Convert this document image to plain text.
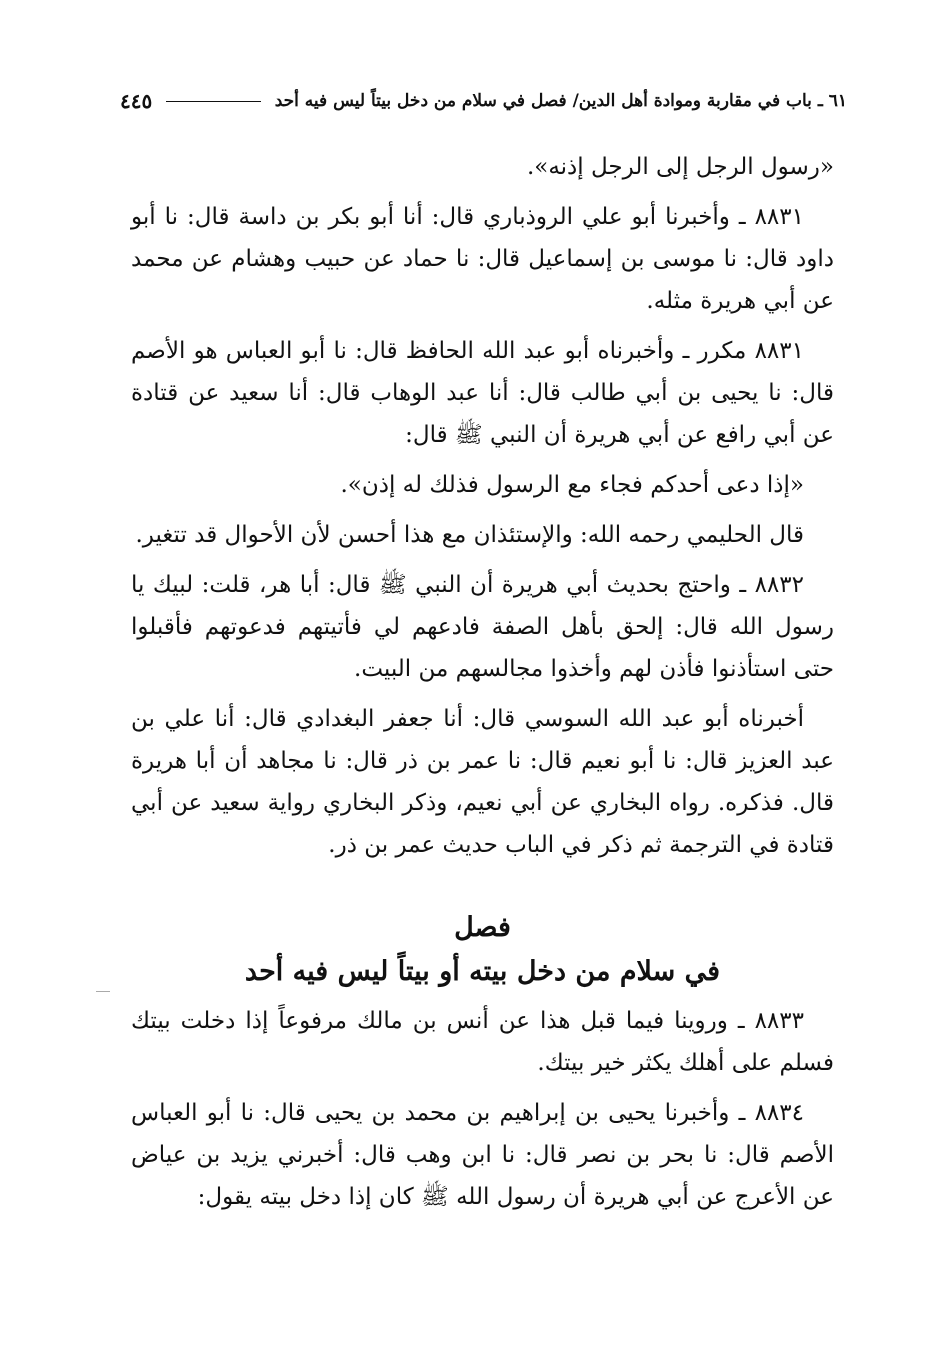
٦١ ـ باب في مقاربة وموادة أهل الدين/ فصل في سلام من دخل بيتاً ليس فيه أحد
٤٤٥

«رسول الرجل إلى الرجل إذنه».

٨٨٣١ ـ وأخبرنا أبو علي الروذباري قال: أنا أبو بكر بن داسة قال: نا أبو داود قال: نا موسى بن إسماعيل قال: نا حماد عن حبيب وهشام عن محمد عن أبي هريرة مثله.

٨٨٣١ مكرر ـ وأخبرناه أبو عبد الله الحافظ قال: نا أبو العباس هو الأصم قال: نا يحيى بن أبي طالب قال: أنا عبد الوهاب قال: أنا سعيد عن قتادة عن أبي رافع عن أبي هريرة أن النبي ﷺ قال:

«إذا دعى أحدكم فجاء مع الرسول فذلك له إذن».

قال الحليمي رحمه الله: والإستئذان مع هذا أحسن لأن الأحوال قد تتغير.

٨٨٣٢ ـ واحتج بحديث أبي هريرة أن النبي ﷺ قال: أبا هر، قلت: لبيك يا رسول الله قال: إلحق بأهل الصفة فادعهم لي فأتيتهم فدعوتهم فأقبلوا حتى استأذنوا فأذن لهم وأخذوا مجالسهم من البيت.

أخبرناه أبو عبد الله السوسي قال: أنا جعفر البغدادي قال: أنا علي بن عبد العزيز قال: نا أبو نعيم قال: نا عمر بن ذر قال: نا مجاهد أن أبا هريرة قال. فذكره. رواه البخاري عن أبي نعيم، وذكر البخاري رواية سعيد عن أبي قتادة في الترجمة ثم ذكر في الباب حديث عمر بن ذر.

فصل

في سلام من دخل بيته أو بيتاً ليس فيه أحد

٨٨٣٣ ـ وروينا فيما قبل هذا عن أنس بن مالك مرفوعاً إذا دخلت بيتك فسلم على أهلك يكثر خير بيتك.

٨٨٣٤ ـ وأخبرنا يحيى بن إبراهيم بن محمد بن يحيى قال: نا أبو العباس الأصم قال: نا بحر بن نصر قال: نا ابن وهب قال: أخبرني يزيد بن عياض عن الأعرج عن أبي هريرة أن رسول الله ﷺ كان إذا دخل بيته يقول:
